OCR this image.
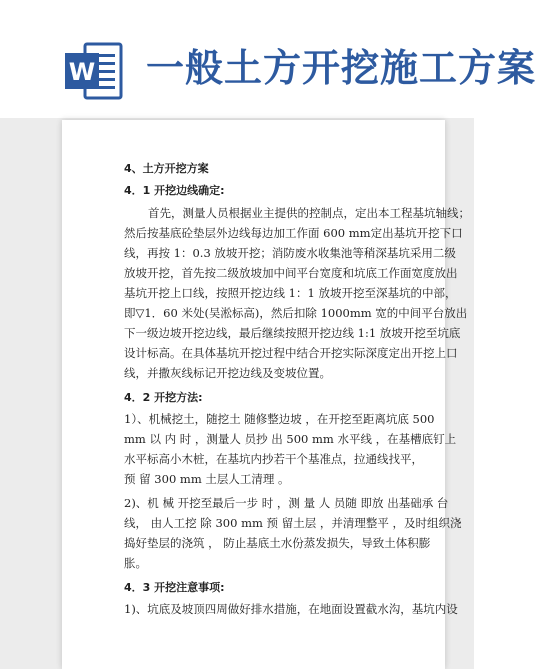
W 一般土方开挖施工方案
4、土方开挖方案
4．1 开挖边线确定:
首先，测量人员根据业主提供的控制点，定出本工程基坑轴线；
然后按基底砼垫层外边线每边加工作面 600 mm定出基坑开挖下口
线，再按 1：0.3 放坡开挖；消防废水收集池等稍深基坑采用二级
放坡开挖，首先按二级放坡加中间平台宽度和坑底工作面宽度放出
基坑开挖上口线，按照开挖边线 1：1 放坡开挖至深基坑的中部，
即▽1．60 米处(吴淞标高)，然后扣除 1000mm 宽的中间平台放出
下一级边坡开挖边线，最后继续按照开挖边线 1:1 放坡开挖至坑底
设计标高。在具体基坑开挖过程中结合开挖实际深度定出开挖上口
线，并撒灰线标记开挖边线及变坡位置。
4．2 开挖方法:
1）、机械挖土，随挖土 随修整边坡 ，在开挖至距离坑底 500
mm 以 内 时 ，测量人 员抄 出 500 mm 水平线 ，在基槽底钉上
水平标高小木桩，在基坑内抄若干个基准点，拉通线找平，
预 留 300 mm 土层人工清理 。
2)、机 械 开挖至最后一步 时 ，测 量 人 员随 即放 出基础承 台
线， 由人工挖 除 300 mm 预 留土层 ，并清理整平 ，及时组织浇
捣好垫层的浇筑 ， 防止基底土水份蒸发损失，导致土体积膨
胀。
4．3 开挖注意事项:
1)、坑底及坡顶四周做好排水措施，在地面设置截水沟，基坑内设
